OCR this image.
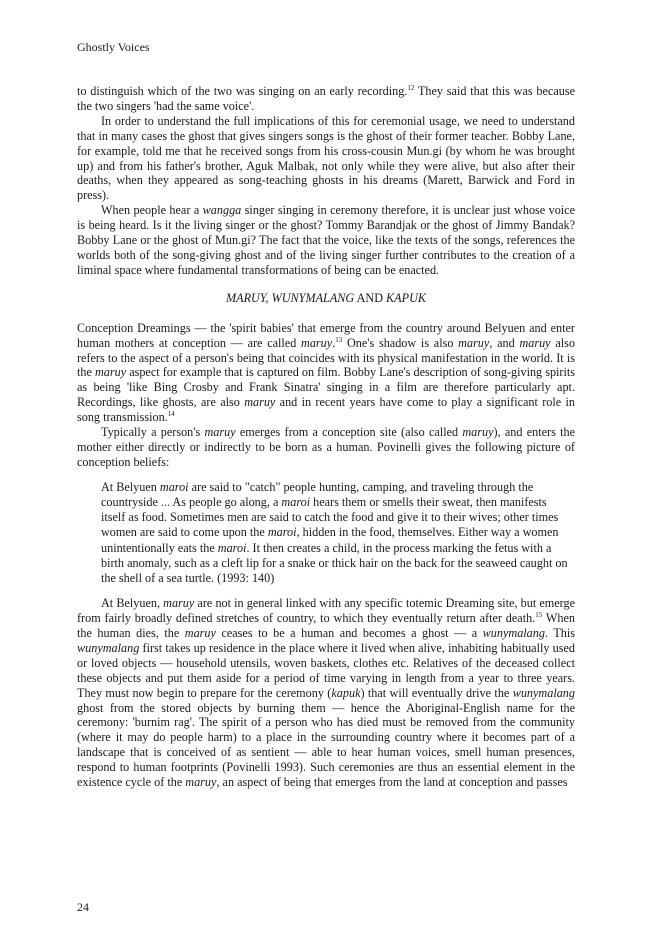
Ghostly Voices

to distinguish which of the two was singing on an early recording.$^{12}$ They said that this was because the two singers 'had the same voice'.

In order to understand the full implications of this for ceremonial usage, we need to understand that in many cases the ghost that gives singers songs is the ghost of their former teacher. Bobby Lane, for example, told me that he received songs from his cross-cousin Mun.gi (by whom he was brought up) and from his father's brother, Aguk Malbak, not only while they were alive, but also after their deaths, when they appeared as song-teaching ghosts in his dreams (Marett, Barwick and Ford in press).

When people hear a wangga singer singing in ceremony therefore, it is unclear just whose voice is being heard. Is it the living singer or the ghost? Tommy Barandjak or the ghost of Jimmy Bandak? Bobby Lane or the ghost of Mun.gi? The fact that the voice, like the texts of the songs, references the worlds both of the song-giving ghost and of the living singer further contributes to the creation of a liminal space where fundamental transformations of being can be enacted.

MARUY, WUNYMALANG AND KAPUK

Conception Dreamings — the 'spirit babies' that emerge from the country around Belyuen and enter human mothers at conception — are called maruy.$^{13}$ One's shadow is also maruy, and maruy also refers to the aspect of a person's being that coincides with its physical manifestation in the world. It is the maruy aspect for example that is captured on film. Bobby Lane's description of song-giving spirits as being 'like Bing Crosby and Frank Sinatra' singing in a film are therefore particularly apt. Recordings, like ghosts, are also maruy and in recent years have come to play a significant role in song transmission.$^{14}$

Typically a person's maruy emerges from a conception site (also called maruy), and enters the mother either directly or indirectly to be born as a human. Povinelli gives the following picture of conception beliefs:

At Belyuen maroi are said to "catch" people hunting, camping, and traveling through the countryside ... As people go along, a maroi hears them or smells their sweat, then manifests itself as food. Sometimes men are said to catch the food and give it to their wives; other times women are said to come upon the maroi, hidden in the food, themselves. Either way a women unintentionally eats the maroi. It then creates a child, in the process marking the fetus with a birth anomaly, such as a cleft lip for a snake or thick hair on the back for the seaweed caught on the shell of a sea turtle. (1993: 140)

At Belyuen, maruy are not in general linked with any specific totemic Dreaming site, but emerge from fairly broadly defined stretches of country, to which they eventually return after death.$^{15}$ When the human dies, the maruy ceases to be a human and becomes a ghost — a wunymalang. This wunymalang first takes up residence in the place where it lived when alive, inhabiting habitually used or loved objects — household utensils, woven baskets, clothes etc. Relatives of the deceased collect these objects and put them aside for a period of time varying in length from a year to three years. They must now begin to prepare for the ceremony (kapuk) that will eventually drive the wunymalang ghost from the stored objects by burning them — hence the Aboriginal-English name for the ceremony: 'burnim rag'. The spirit of a person who has died must be removed from the community (where it may do people harm) to a place in the surrounding country where it becomes part of a landscape that is conceived of as sentient — able to hear human voices, smell human presences, respond to human footprints (Povinelli 1993). Such ceremonies are thus an essential element in the existence cycle of the maruy, an aspect of being that emerges from the land at conception and passes

24
